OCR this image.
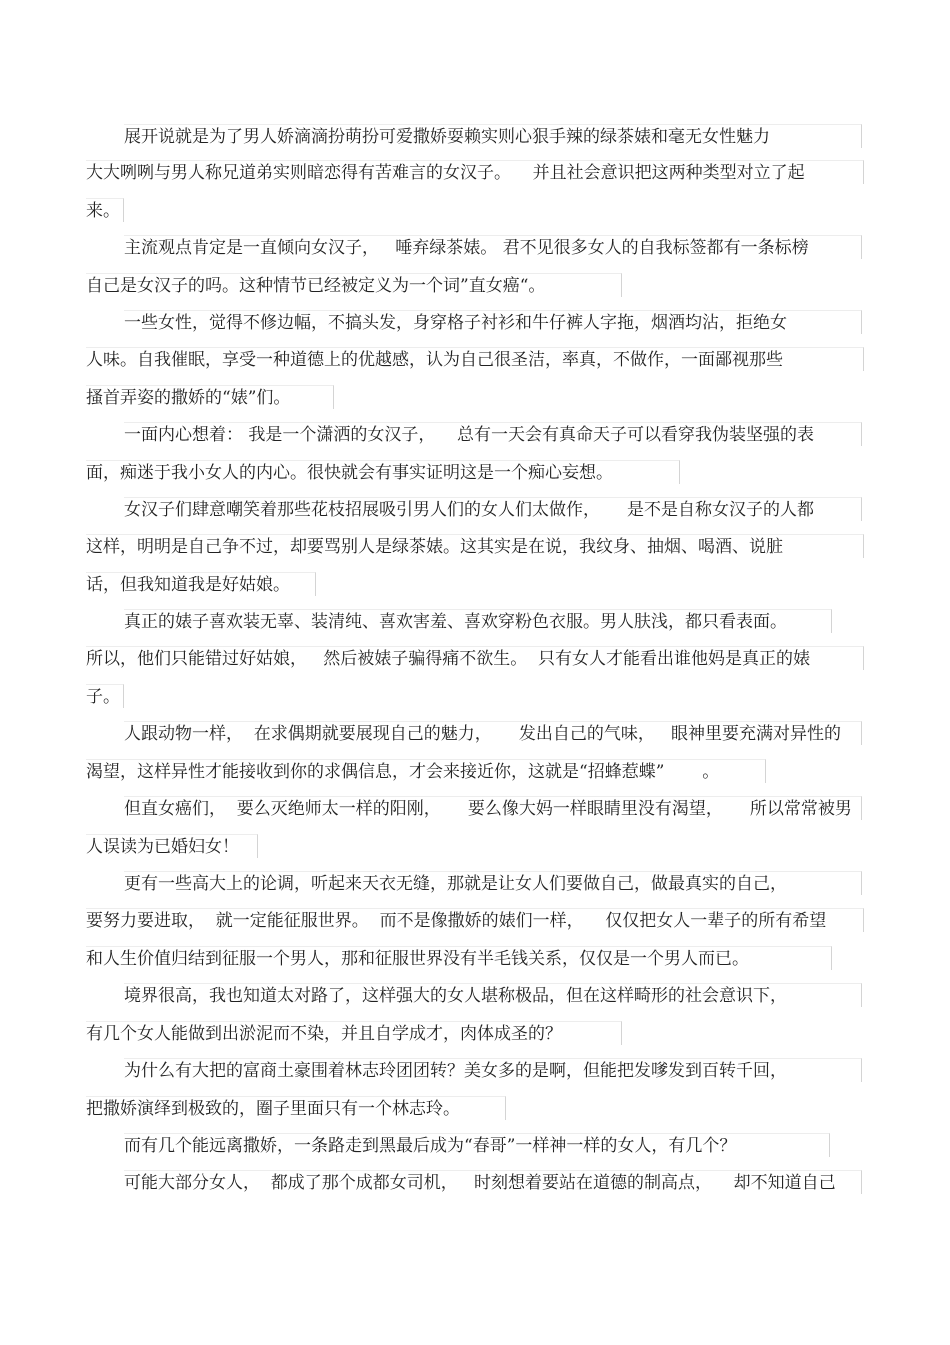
展开说就是为了男人娇滴滴扮萌扮可爱撒娇耍赖实则心狠手辣的绿茶婊和毫无女性魅力
大大咧咧与男人称兄道弟实则暗恋得有苦难言的女汉子。    并且社会意识把这两种类型对立了起
来。
主流观点肯定是一直倾向女汉子，   唾弃绿茶婊。 君不见很多女人的自我标签都有一条标榜
自己是女汉子的吗。这种情节已经被定义为一个词”直女癌“。
一些女性，觉得不修边幅，不搞头发，身穿格子衬衫和牛仔裤人字拖，烟酒均沾，拒绝女
人味。自我催眠，享受一种道德上的优越感，认为自己很圣洁，率真，不做作，一面鄙视那些
搔首弄姿的撒娇的“婊”们。
一面内心想着： 我是一个潇洒的女汉子，    总有一天会有真命天子可以看穿我伪装坚强的表
面，痴迷于我小女人的内心。很快就会有事实证明这是一个痴心妄想。
女汉子们肆意嘲笑着那些花枝招展吸引男人们的女人们太做作，     是不是自称女汉子的人都
这样，明明是自己争不过，却要骂别人是绿茶婊。这其实是在说，我纹身、抽烟、喝酒、说脏
话，但我知道我是好姑娘。
真正的婊子喜欢装无辜、装清纯、喜欢害羞、喜欢穿粉色衣服。男人肤浅，都只看表面。
所以，他们只能错过好姑娘，   然后被婊子骗得痛不欲生。  只有女人才能看出谁他妈是真正的婊
子。
人跟动物一样，  在求偶期就要展现自己的魅力，     发出自己的气味，   眼神里要充满对异性的
渴望，这样异性才能接收到你的求偶信息，才会来接近你，这就是“招蜂惹蝶”       。
但直女癌们，  要么灭绝师太一样的阳刚，     要么像大妈一样眼睛里没有渴望，     所以常常被男
人误读为已婚妇女！
更有一些高大上的论调，听起来天衣无缝，那就是让女人们要做自己，做最真实的自己，
要努力要进取，  就一定能征服世界。  而不是像撒娇的婊们一样，    仅仅把女人一辈子的所有希望
和人生价值归结到征服一个男人，那和征服世界没有半毛钱关系，仅仅是一个男人而已。
境界很高，我也知道太对路了，这样强大的女人堪称极品，但在这样畸形的社会意识下，
有几个女人能做到出淤泥而不染，并且自学成才，肉体成圣的？
为什么有大把的富商土豪围着林志玲团团转？美女多的是啊，但能把发嗲发到百转千回，
把撒娇演绎到极致的，圈子里面只有一个林志玲。
而有几个能远离撒娇，一条路走到黑最后成为“春哥”一样神一样的女人，有几个？
可能大部分女人，  都成了那个成都女司机，   时刻想着要站在道德的制高点，    却不知道自己
